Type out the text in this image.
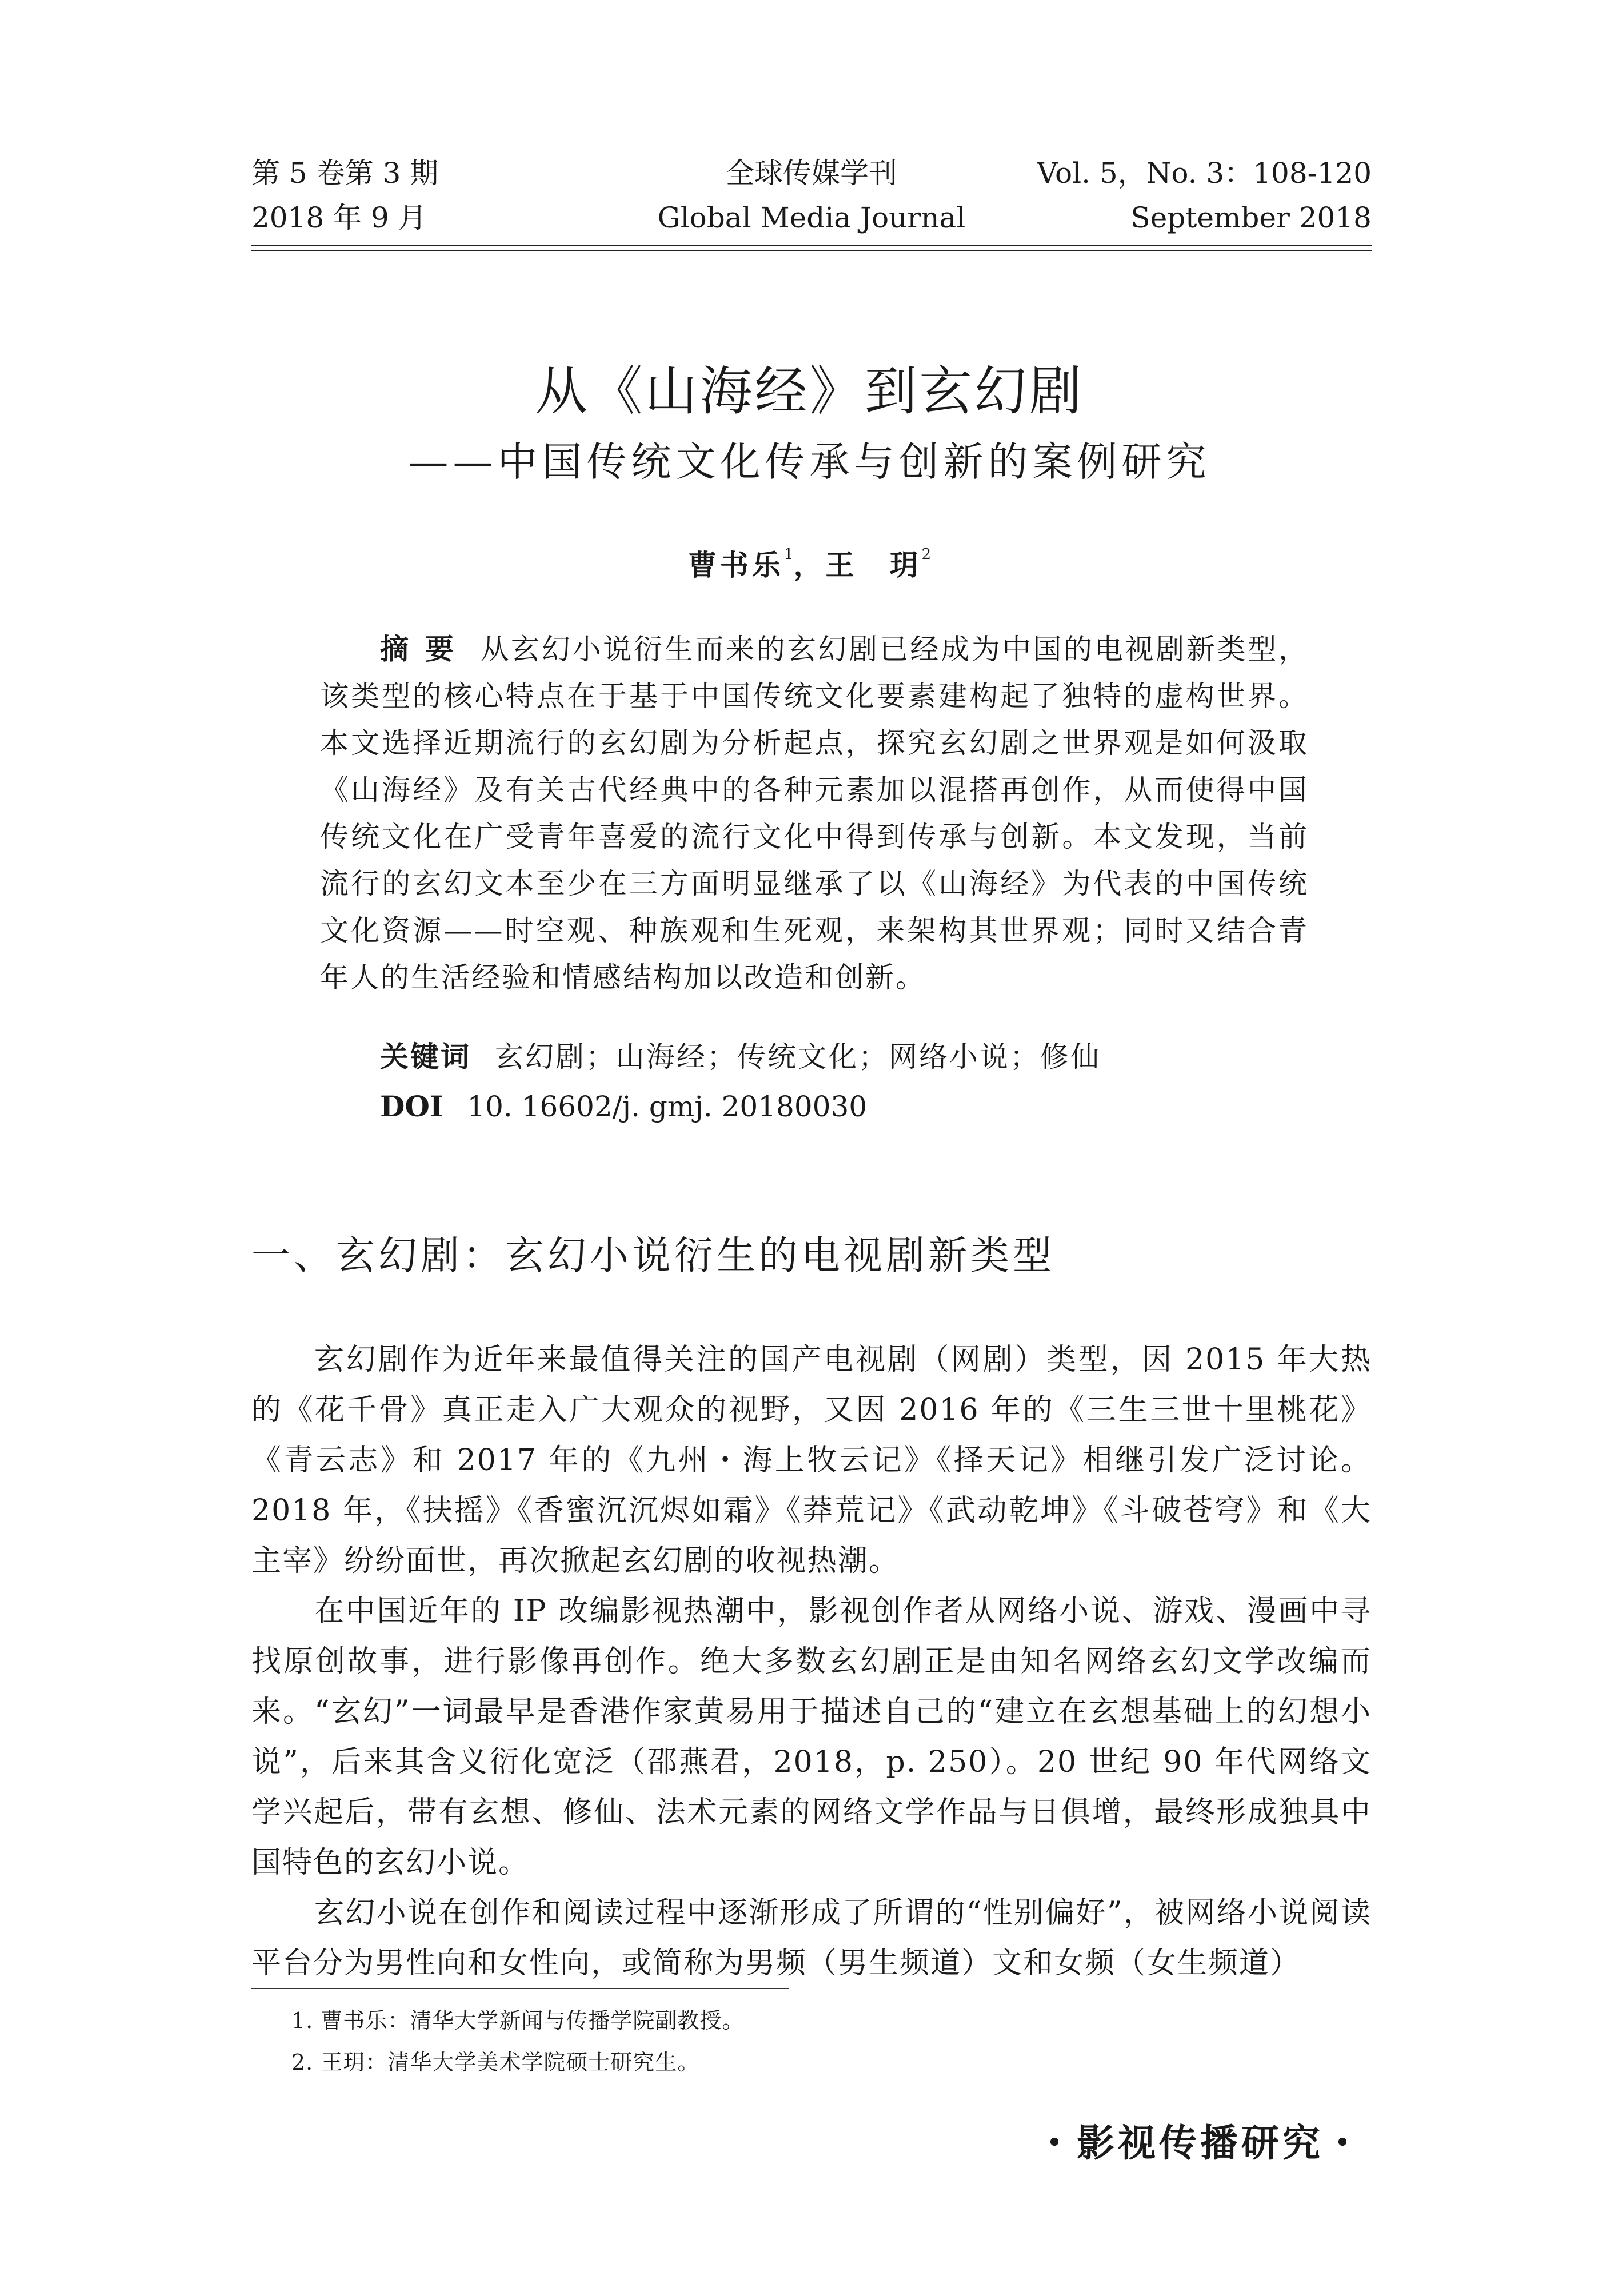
第 5 卷第 3 期	全球传媒学刊	Vol. 5，No. 3：108-120
2018 年 9 月	Global Media Journal	September 2018
从《山海经》到玄幻剧
——中国传统文化传承与创新的案例研究
曹书乐$^1$，王　玥$^2$
摘要 从玄幻小说衍生而来的玄幻剧已经成为中国的电视剧新类型，该类型的核心特点在于基于中国传统文化要素建构起了独特的虚构世界。本文选择近期流行的玄幻剧为分析起点，探究玄幻剧之世界观是如何汲取《山海经》及有关古代经典中的各种元素加以混搭再创作，从而使得中国传统文化在广受青年喜爱的流行文化中得到传承与创新。本文发现，当前流行的玄幻文本至少在三方面明显继承了以《山海经》为代表的中国传统文化资源——时空观、种族观和生死观，来架构其世界观；同时又结合青年人的生活经验和情感结构加以改造和创新。
关键词 玄幻剧；山海经；传统文化；网络小说；修仙
DOI 10. 16602/j. gmj. 20180030
一、玄幻剧：玄幻小说衍生的电视剧新类型

玄幻剧作为近年来最值得关注的国产电视剧（网剧）类型，因 2015 年大热的《花千骨》真正走入广大观众的视野，又因 2016 年的《三生三世十里桃花》《青云志》和 2017 年的《九州・海上牧云记》《择天记》相继引发广泛讨论。2018 年，《扶摇》《香蜜沉沉烬如霜》《莽荒记》《武动乾坤》《斗破苍穹》和《大主宰》纷纷面世，再次掀起玄幻剧的收视热潮。

在中国近年的 IP 改编影视热潮中，影视创作者从网络小说、游戏、漫画中寻找原创故事，进行影像再创作。绝大多数玄幻剧正是由知名网络玄幻文学改编而来。“玄幻”一词最早是香港作家黄易用于描述自己的“建立在玄想基础上的幻想小说”，后来其含义衍化宽泛（邵燕君，2018，p. 250）。20 世纪 90 年代网络文学兴起后，带有玄想、修仙、法术元素的网络文学作品与日俱增，最终形成独具中国特色的玄幻小说。

玄幻小说在创作和阅读过程中逐渐形成了所谓的“性别偏好”，被网络小说阅读平台分为男性向和女性向，或简称为男频（男生频道）文和女频（女生频道）

1. 曹书乐：清华大学新闻与传播学院副教授。
2. 王玥：清华大学美术学院硕士研究生。
・影视传播研究・
